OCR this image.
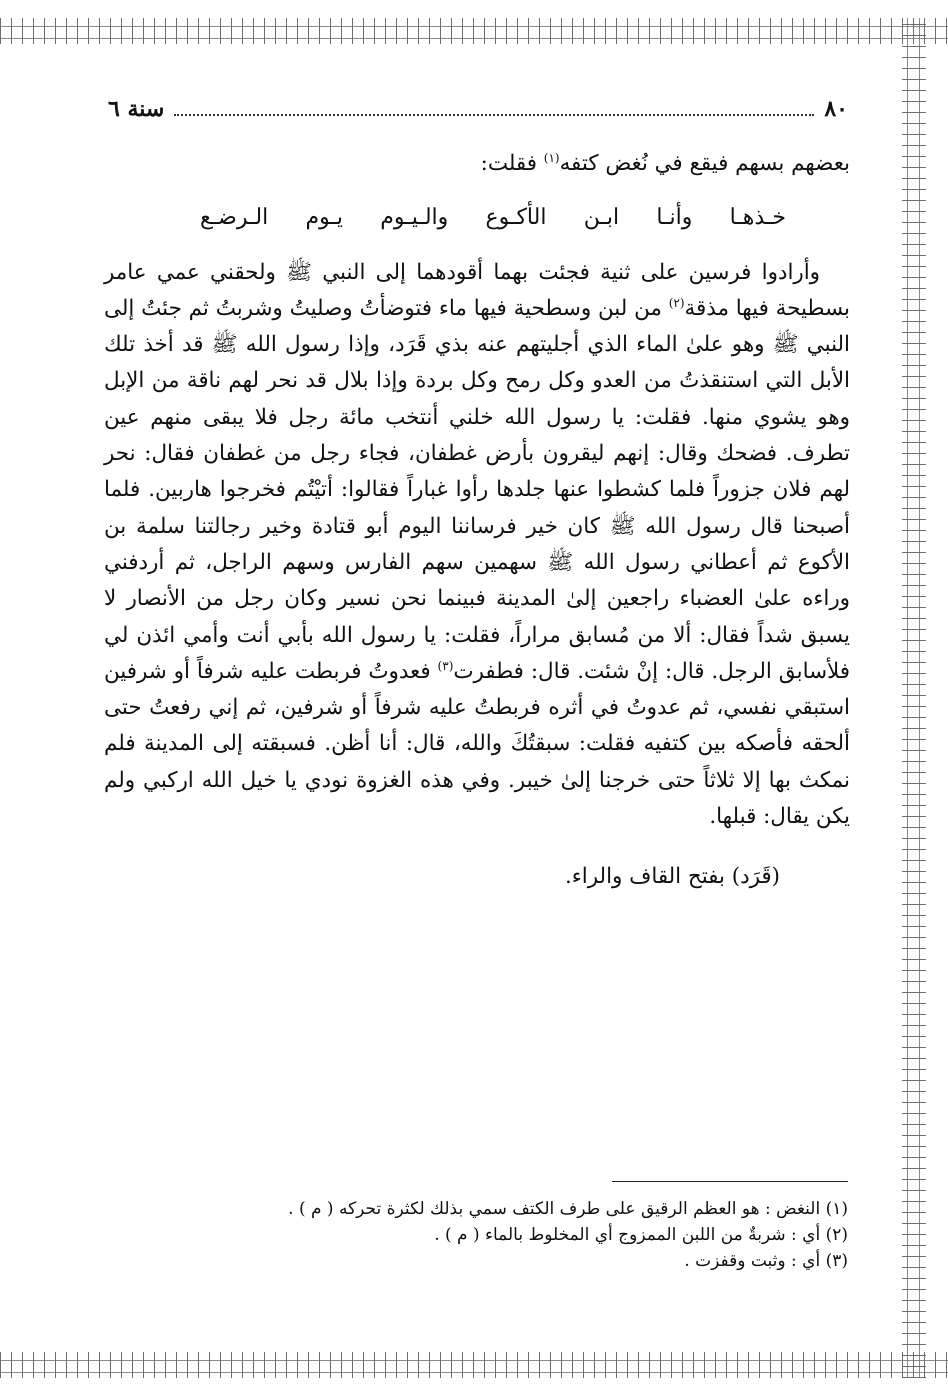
٨٠
سنة ٦

بعضهم بسهم فيقع في نُغض كتفه$^{(١)}$ فقلت:

خـذهـا
وأنـا
ابـن
الأكـوع
والـيـوم
يـوم
الـرضـع

وأرادوا فرسين على ثنية فجئت بهما أقودهما إلى النبي ﷺ ولحقني عمي عامر بسطيحة فيها مذقة$^{(٢)}$ من لبن وسطحية فيها ماء فتوضأتُ وصليتُ وشربتُ ثم جئتُ إلى النبي ﷺ وهو علىٰ الماء الذي أجليتهم عنه بذي قَرَد، وإذا رسول الله ﷺ قد أخذ تلك الأبل التي استنقذتُ من العدو وكل رمح وكل بردة وإذا بلال قد نحر لهم ناقة من الإبل وهو يشوي منها. فقلت: يا رسول الله خلني أنتخب مائة رجل فلا يبقى منهم عين تطرف. فضحك وقال: إنهم ليقرون بأرض غطفان، فجاء رجل من غطفان فقال: نحر لهم فلان جزوراً فلما كشطوا عنها جلدها رأوا غباراً فقالوا: أتيْتُم فخرجوا هاربين. فلما أصبحنا قال رسول الله ﷺ كان خير فرساننا اليوم أبو قتادة وخير رجالتنا سلمة بن الأكوع ثم أعطاني رسول الله ﷺ سهمين سهم الفارس وسهم الراجل، ثم أردفني وراءه علىٰ العضباء راجعين إلىٰ المدينة فبينما نحن نسير وكان رجل من الأنصار لا يسبق شداً فقال: ألا من مُسابق مراراً، فقلت: يا رسول الله بأبي أنت وأمي ائذن لي فلأسابق الرجل. قال: إنْ شئت. قال: فطفرت$^{(٣)}$ فعدوتُ فربطت عليه شرفاً أو شرفين استبقي نفسي، ثم عدوتُ في أثره فربطتُ عليه شرفاً أو شرفين، ثم إني رفعتُ حتى ألحقه فأصكه بين كتفيه فقلت: سبقتُكَ والله، قال: أنا أظن. فسبقته إلى المدينة فلم نمكث بها إلا ثلاثاً حتى خرجنا إلىٰ خيبر. وفي هذه الغزوة نودي يا خيل الله اركبي ولم يكن يقال: قبلها.

(قَرَد) بفتح القاف والراء.

(١) النغض : هو العظم الرقيق على طرف الكتف سمي بذلك لكثرة تحركه ( م ) .
(٢) أي : شربةٌ من اللبن الممزوج أي المخلوط بالماء ( م ) .
(٣) أي : وثبت وقفزت .
